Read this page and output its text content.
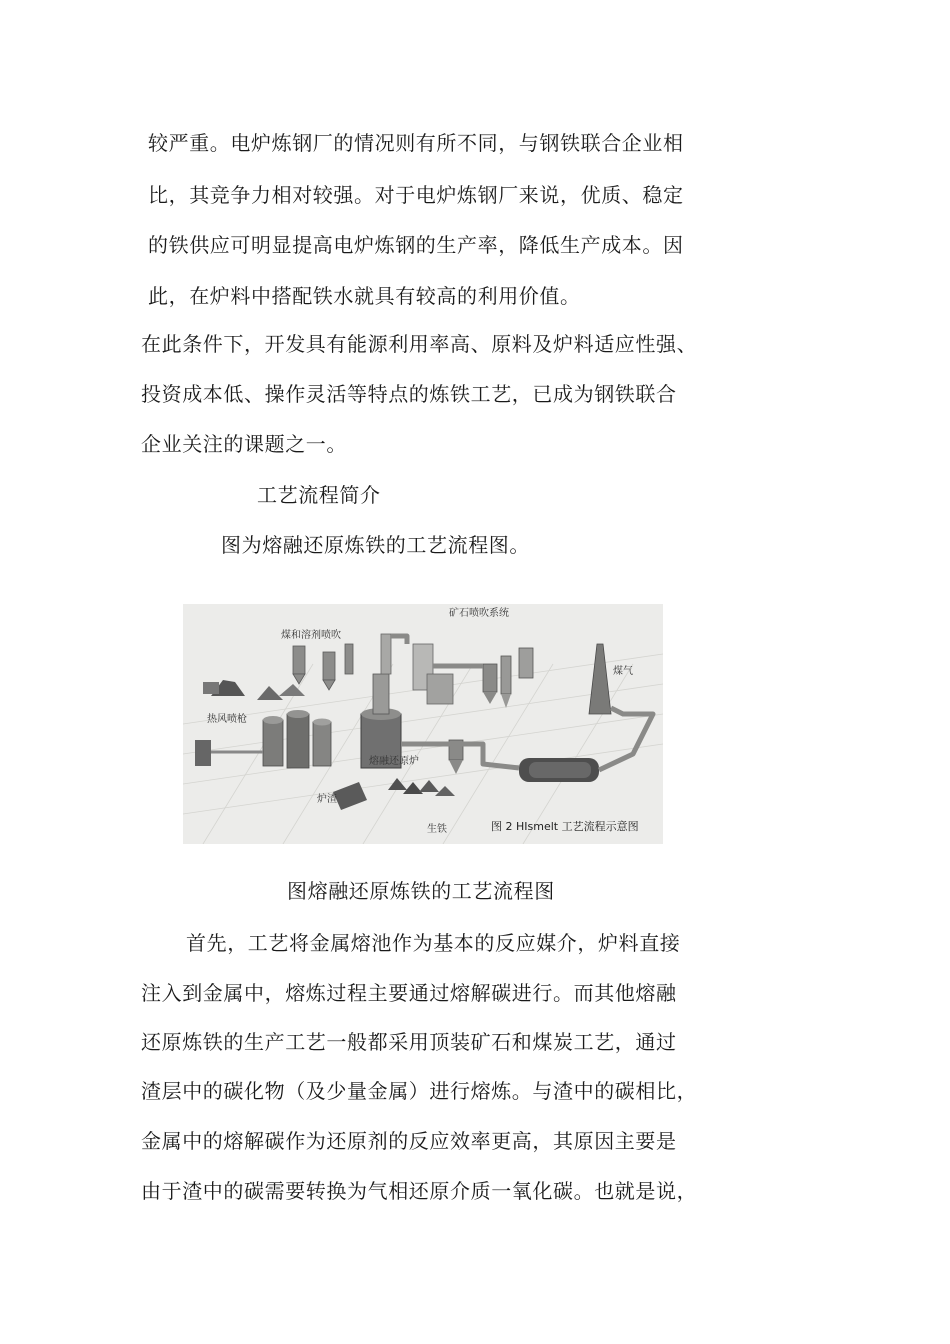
较严重。电炉炼钢厂的情况则有所不同，与钢铁联合企业相
比，其竞争力相对较强。对于电炉炼钢厂来说，优质、稳定
的铁供应可明显提高电炉炼钢的生产率，降低生产成本。因
此，在炉料中搭配铁水就具有较高的利用价值。
在此条件下，开发具有能源利用率高、原料及炉料适应性强、
投资成本低、操作灵活等特点的炼铁工艺，已成为钢铁联合
企业关注的课题之一。
工艺流程简介
图为熔融还原炼铁的工艺流程图。
煤和溶剂喷吹
矿石喷吹系统
煤气
热风喷枪
熔融还原炉
炉渣
生铁	图 2 HIsmelt 工艺流程示意图
图熔融还原炼铁的工艺流程图
首先，工艺将金属熔池作为基本的反应媒介，炉料直接
注入到金属中，熔炼过程主要通过熔解碳进行。而其他熔融
还原炼铁的生产工艺一般都采用顶装矿石和煤炭工艺，通过
渣层中的碳化物（及少量金属）进行熔炼。与渣中的碳相比，
金属中的熔解碳作为还原剂的反应效率更高，其原因主要是
由于渣中的碳需要转换为气相还原介质一氧化碳。也就是说，
